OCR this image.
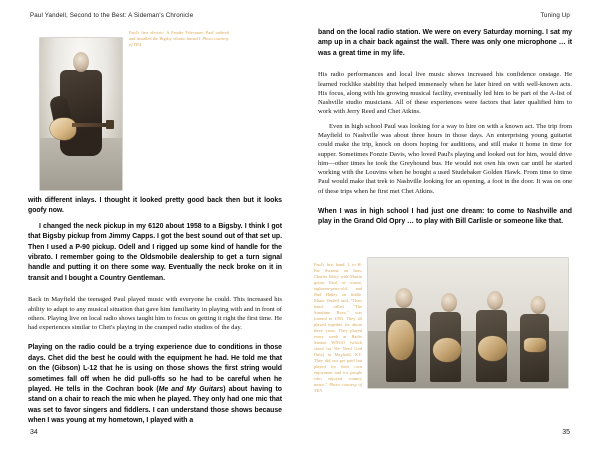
Paul Yandell, Second to the Best: A Sideman's Chronicle	Tuning Up
Paul's first electric: A Fender Telecaster. Paul ordered and installed the Bigsby vibrato himself. Photo courtesy of TEA

with different inlays. I thought it looked pretty good back then but it looks goofy now.

I changed the neck pickup in my 6120 about 1958 to a Bigsby. I think I got that Bigsby pickup from Jimmy Capps. I got the best sound out of that set up. Then I used a P-90 pickup. Odell and I rigged up some kind of handle for the vibrato. I remember going to the Oldsmobile dealership to get a turn signal handle and putting it on there some way. Eventually the neck broke on it in transit and I bought a Country Gentleman.

Back in Mayfield the teenaged Paul played music with everyone he could. This increased his ability to adapt to any musical situation that gave him familiarity in playing with and in front of others. Playing live on local radio shows taught him to focus on getting it right the first time. He had experiences similar to Chet's playing in the cramped radio studios of the day.

Playing on the radio could be a trying experience due to conditions in those days. Chet did the best he could with the equipment he had. He told me that on the (Gibson) L-12 that he is using on those shows the first string would sometimes fall off when he did pull-offs so he had to be careful when he played. He tells in the Cochran book (Me and My Guitars) about having to stand on a chair to reach the mic when he played. They only had one mic that was set to favor singers and fiddlers. I can understand those shows because when I was young at my hometown, I played with a

band on the local radio station. We were on every Saturday morning. I sat my amp up in a chair back against the wall. There was only one microphone … it was a great time in my life.

His radio performances and local live music shows increased his confidence onstage. He learned rocklike stability that helped immensely when he later hired on with well-known acts. His focus, along with his growing musical facility, eventually led him to be part of the A-list of Nashville studio musicians. All of these experiences were factors that later qualified him to work with Jerry Reed and Chet Atkins.

Even in high school Paul was looking for a way to hire on with a known act. The trip from Mayfield to Nashville was about three hours in those days. An enterprising young guitarist could make the trip, knock on doors hoping for auditions, and still make it home in time for supper. Sometimes Fonzie Davis, who loved Paul's playing and looked out for him, would drive him—other times he took the Greyhound bus. He would not own his own car until he started working with the Louvins when he bought a used Studebaker Golden Hawk. From time to time Paul would make that trek to Nashville looking for an opening, a foot in the door. It was on one of these trips when he first met Chet Atkins.

When I was in high school I had just one dream: to come to Nashville and play in the Grand Old Opry … to play with Bill Carlisle or someone like that.

Paul's first band, L to R: Pat Swazna on bass, Charles Riley with Martin guitar, Paul, of course, eighteen-years-old, and Bud Hailey on fiddle. Marie Verdell said, "Their band, called "The Sunshine Boys," was formed in 1955. They all played together for about three years. They played every week at Radio Station WNGO (which stood for We Need God Only) in Mayfield, KY. They did not get paid but played for their own enjoyment and for people who enjoyed country music." Photo courtesy of TEA
34	35
